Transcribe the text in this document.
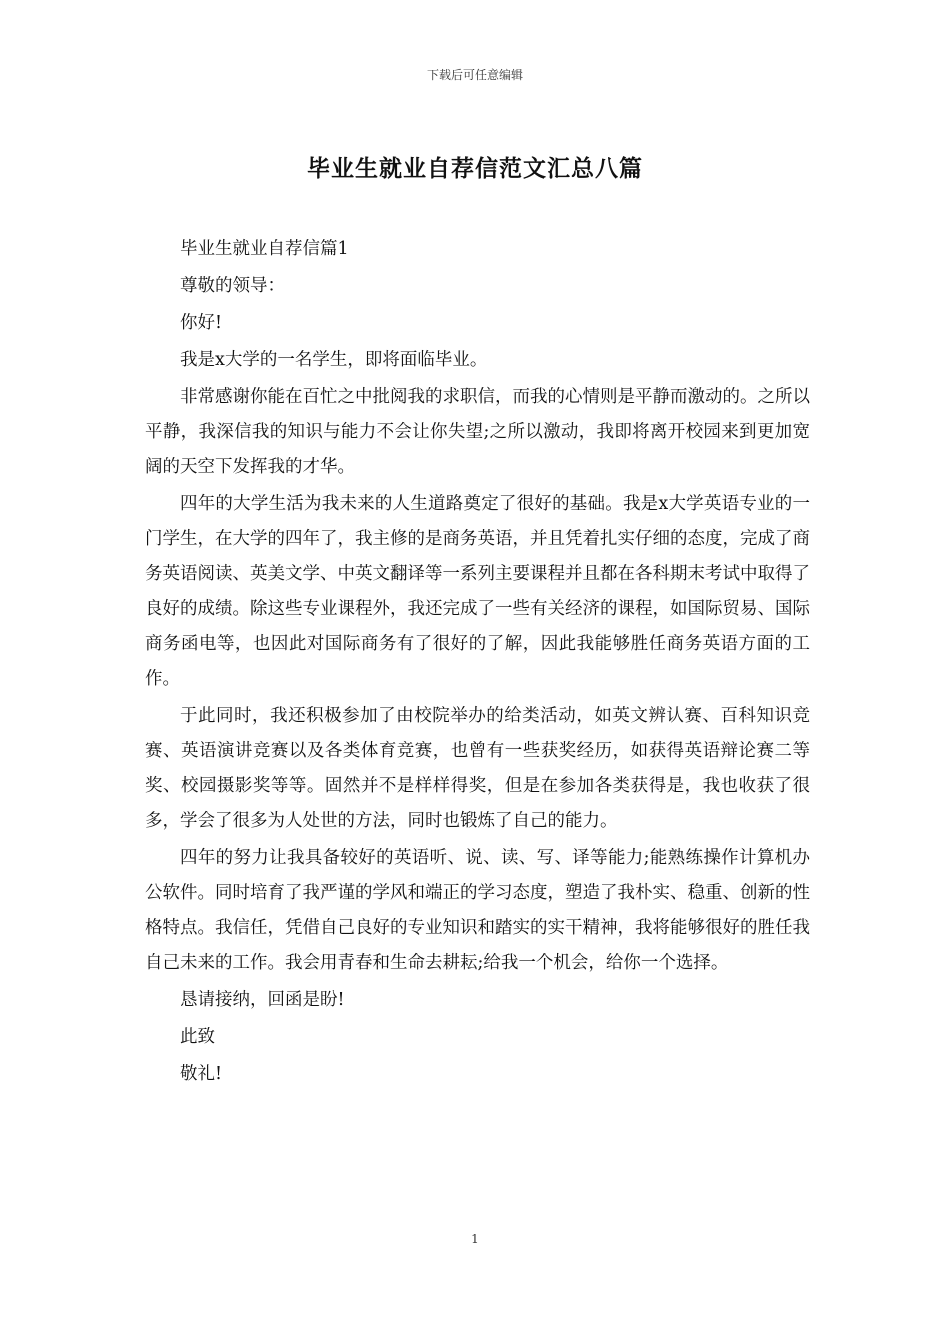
下载后可任意编辑
毕业生就业自荐信范文汇总八篇

毕业生就业自荐信篇1

尊敬的领导：

你好!

我是x大学的一名学生，即将面临毕业。

非常感谢你能在百忙之中批阅我的求职信，而我的心情则是平静而激动的。之所以平静，我深信我的知识与能力不会让你失望;之所以激动，我即将离开校园来到更加宽阔的天空下发挥我的才华。

四年的大学生活为我未来的人生道路奠定了很好的基础。我是x大学英语专业的一门学生，在大学的四年了，我主修的是商务英语，并且凭着扎实仔细的态度，完成了商务英语阅读、英美文学、中英文翻译等一系列主要课程并且都在各科期末考试中取得了良好的成绩。除这些专业课程外，我还完成了一些有关经济的课程，如国际贸易、国际商务函电等，也因此对国际商务有了很好的了解，因此我能够胜任商务英语方面的工作。

于此同时，我还积极参加了由校院举办的给类活动，如英文辨认赛、百科知识竞赛、英语演讲竞赛以及各类体育竞赛，也曾有一些获奖经历，如获得英语辩论赛二等奖、校园摄影奖等等。固然并不是样样得奖，但是在参加各类获得是，我也收获了很多，学会了很多为人处世的方法，同时也锻炼了自己的能力。

四年的努力让我具备较好的英语听、说、读、写、译等能力;能熟练操作计算机办公软件。同时培育了我严谨的学风和端正的学习态度，塑造了我朴实、稳重、创新的性格特点。我信任，凭借自己良好的专业知识和踏实的实干精神，我将能够很好的胜任我自己未来的工作。我会用青春和生命去耕耘;给我一个机会，给你一个选择。

恳请接纳，回函是盼!

此致

敬礼!

1
